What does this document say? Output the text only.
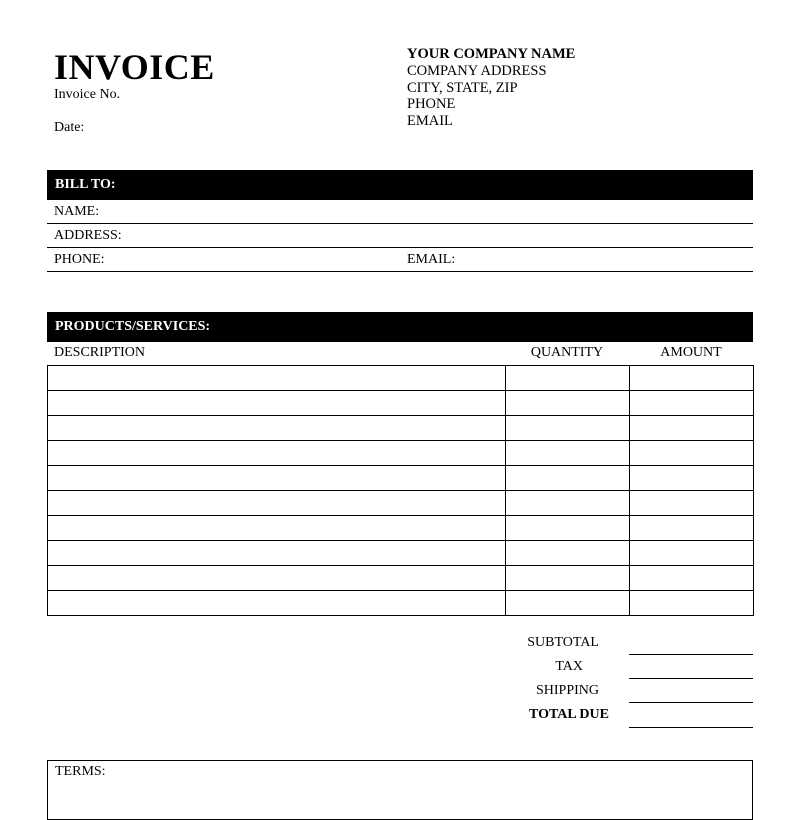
INVOICE
Invoice No.
Date:
YOUR COMPANY NAME
COMPANY ADDRESS
CITY, STATE, ZIP
PHONE
EMAIL
BILL TO:
NAME:
ADDRESS:
PHONE:	EMAIL:
PRODUCTS/SERVICES:
DESCRIPTION	QUANTITY	AMOUNT

SUBTOTAL
TAX
SHIPPING
TOTAL DUE
TERMS:
